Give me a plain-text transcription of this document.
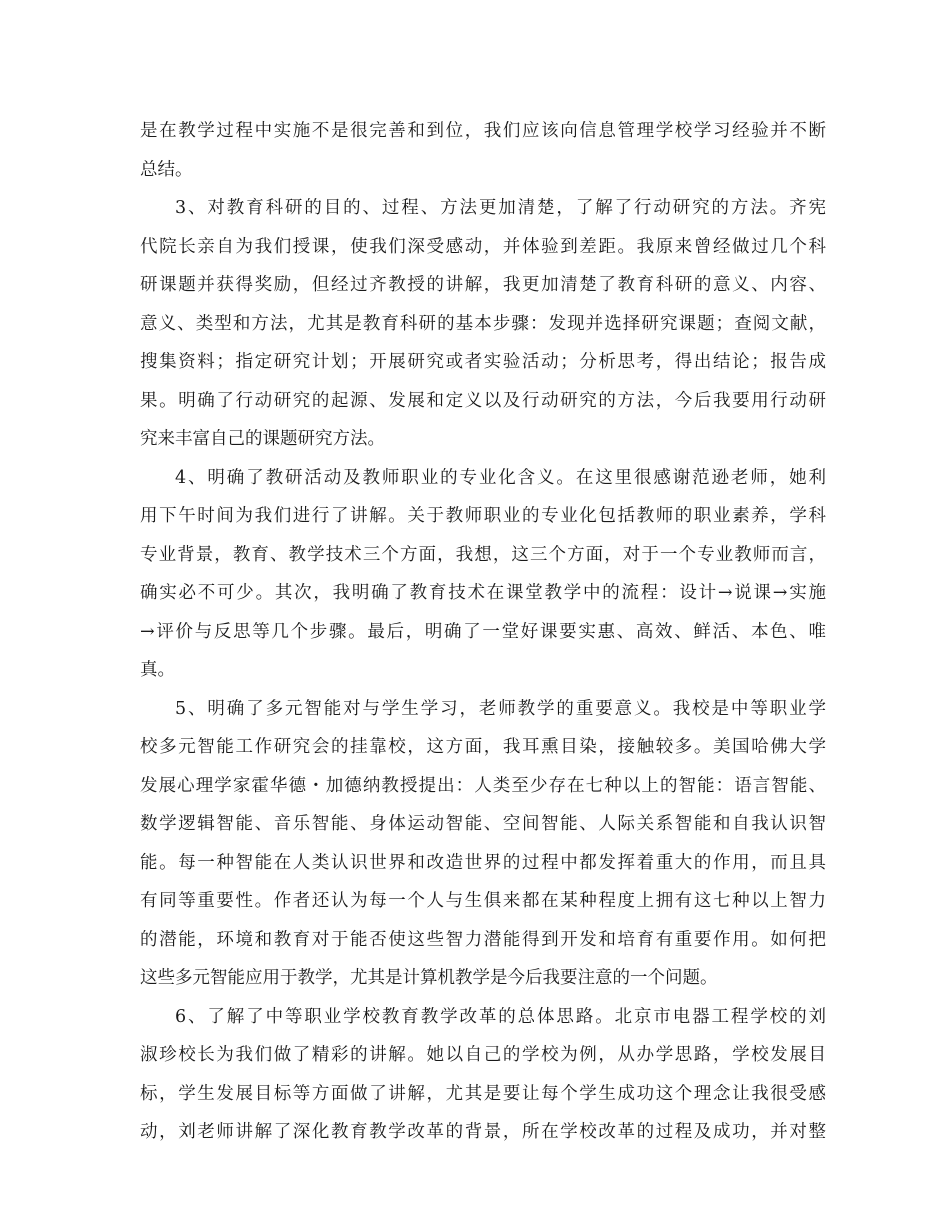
是在教学过程中实施不是很完善和到位，我们应该向信息管理学校学习经验并不断
总结。
3、对教育科研的目的、过程、方法更加清楚，了解了行动研究的方法。齐宪
代院长亲自为我们授课，使我们深受感动，并体验到差距。我原来曾经做过几个科
研课题并获得奖励，但经过齐教授的讲解，我更加清楚了教育科研的意义、内容、
意义、类型和方法，尤其是教育科研的基本步骤：发现并选择研究课题；查阅文献，
搜集资料；指定研究计划；开展研究或者实验活动；分析思考，得出结论；报告成
果。明确了行动研究的起源、发展和定义以及行动研究的方法，今后我要用行动研
究来丰富自己的课题研究方法。
4、明确了教研活动及教师职业的专业化含义。在这里很感谢范逊老师，她利
用下午时间为我们进行了讲解。关于教师职业的专业化包括教师的职业素养，学科
专业背景，教育、教学技术三个方面，我想，这三个方面，对于一个专业教师而言，
确实必不可少。其次，我明确了教育技术在课堂教学中的流程：设计→说课→实施
→评价与反思等几个步骤。最后，明确了一堂好课要实惠、高效、鲜活、本色、唯
真。
5、明确了多元智能对与学生学习，老师教学的重要意义。我校是中等职业学
校多元智能工作研究会的挂靠校，这方面，我耳熏目染，接触较多。美国哈佛大学
发展心理学家霍华德・加德纳教授提出：人类至少存在七种以上的智能：语言智能、
数学逻辑智能、音乐智能、身体运动智能、空间智能、人际关系智能和自我认识智
能。每一种智能在人类认识世界和改造世界的过程中都发挥着重大的作用，而且具
有同等重要性。作者还认为每一个人与生俱来都在某种程度上拥有这七种以上智力
的潜能，环境和教育对于能否使这些智力潜能得到开发和培育有重要作用。如何把
这些多元智能应用于教学，尤其是计算机教学是今后我要注意的一个问题。
6、了解了中等职业学校教育教学改革的总体思路。北京市电器工程学校的刘
淑珍校长为我们做了精彩的讲解。她以自己的学校为例，从办学思路，学校发展目
标，学生发展目标等方面做了讲解，尤其是要让每个学生成功这个理念让我很受感
动，刘老师讲解了深化教育教学改革的背景，所在学校改革的过程及成功，并对整
